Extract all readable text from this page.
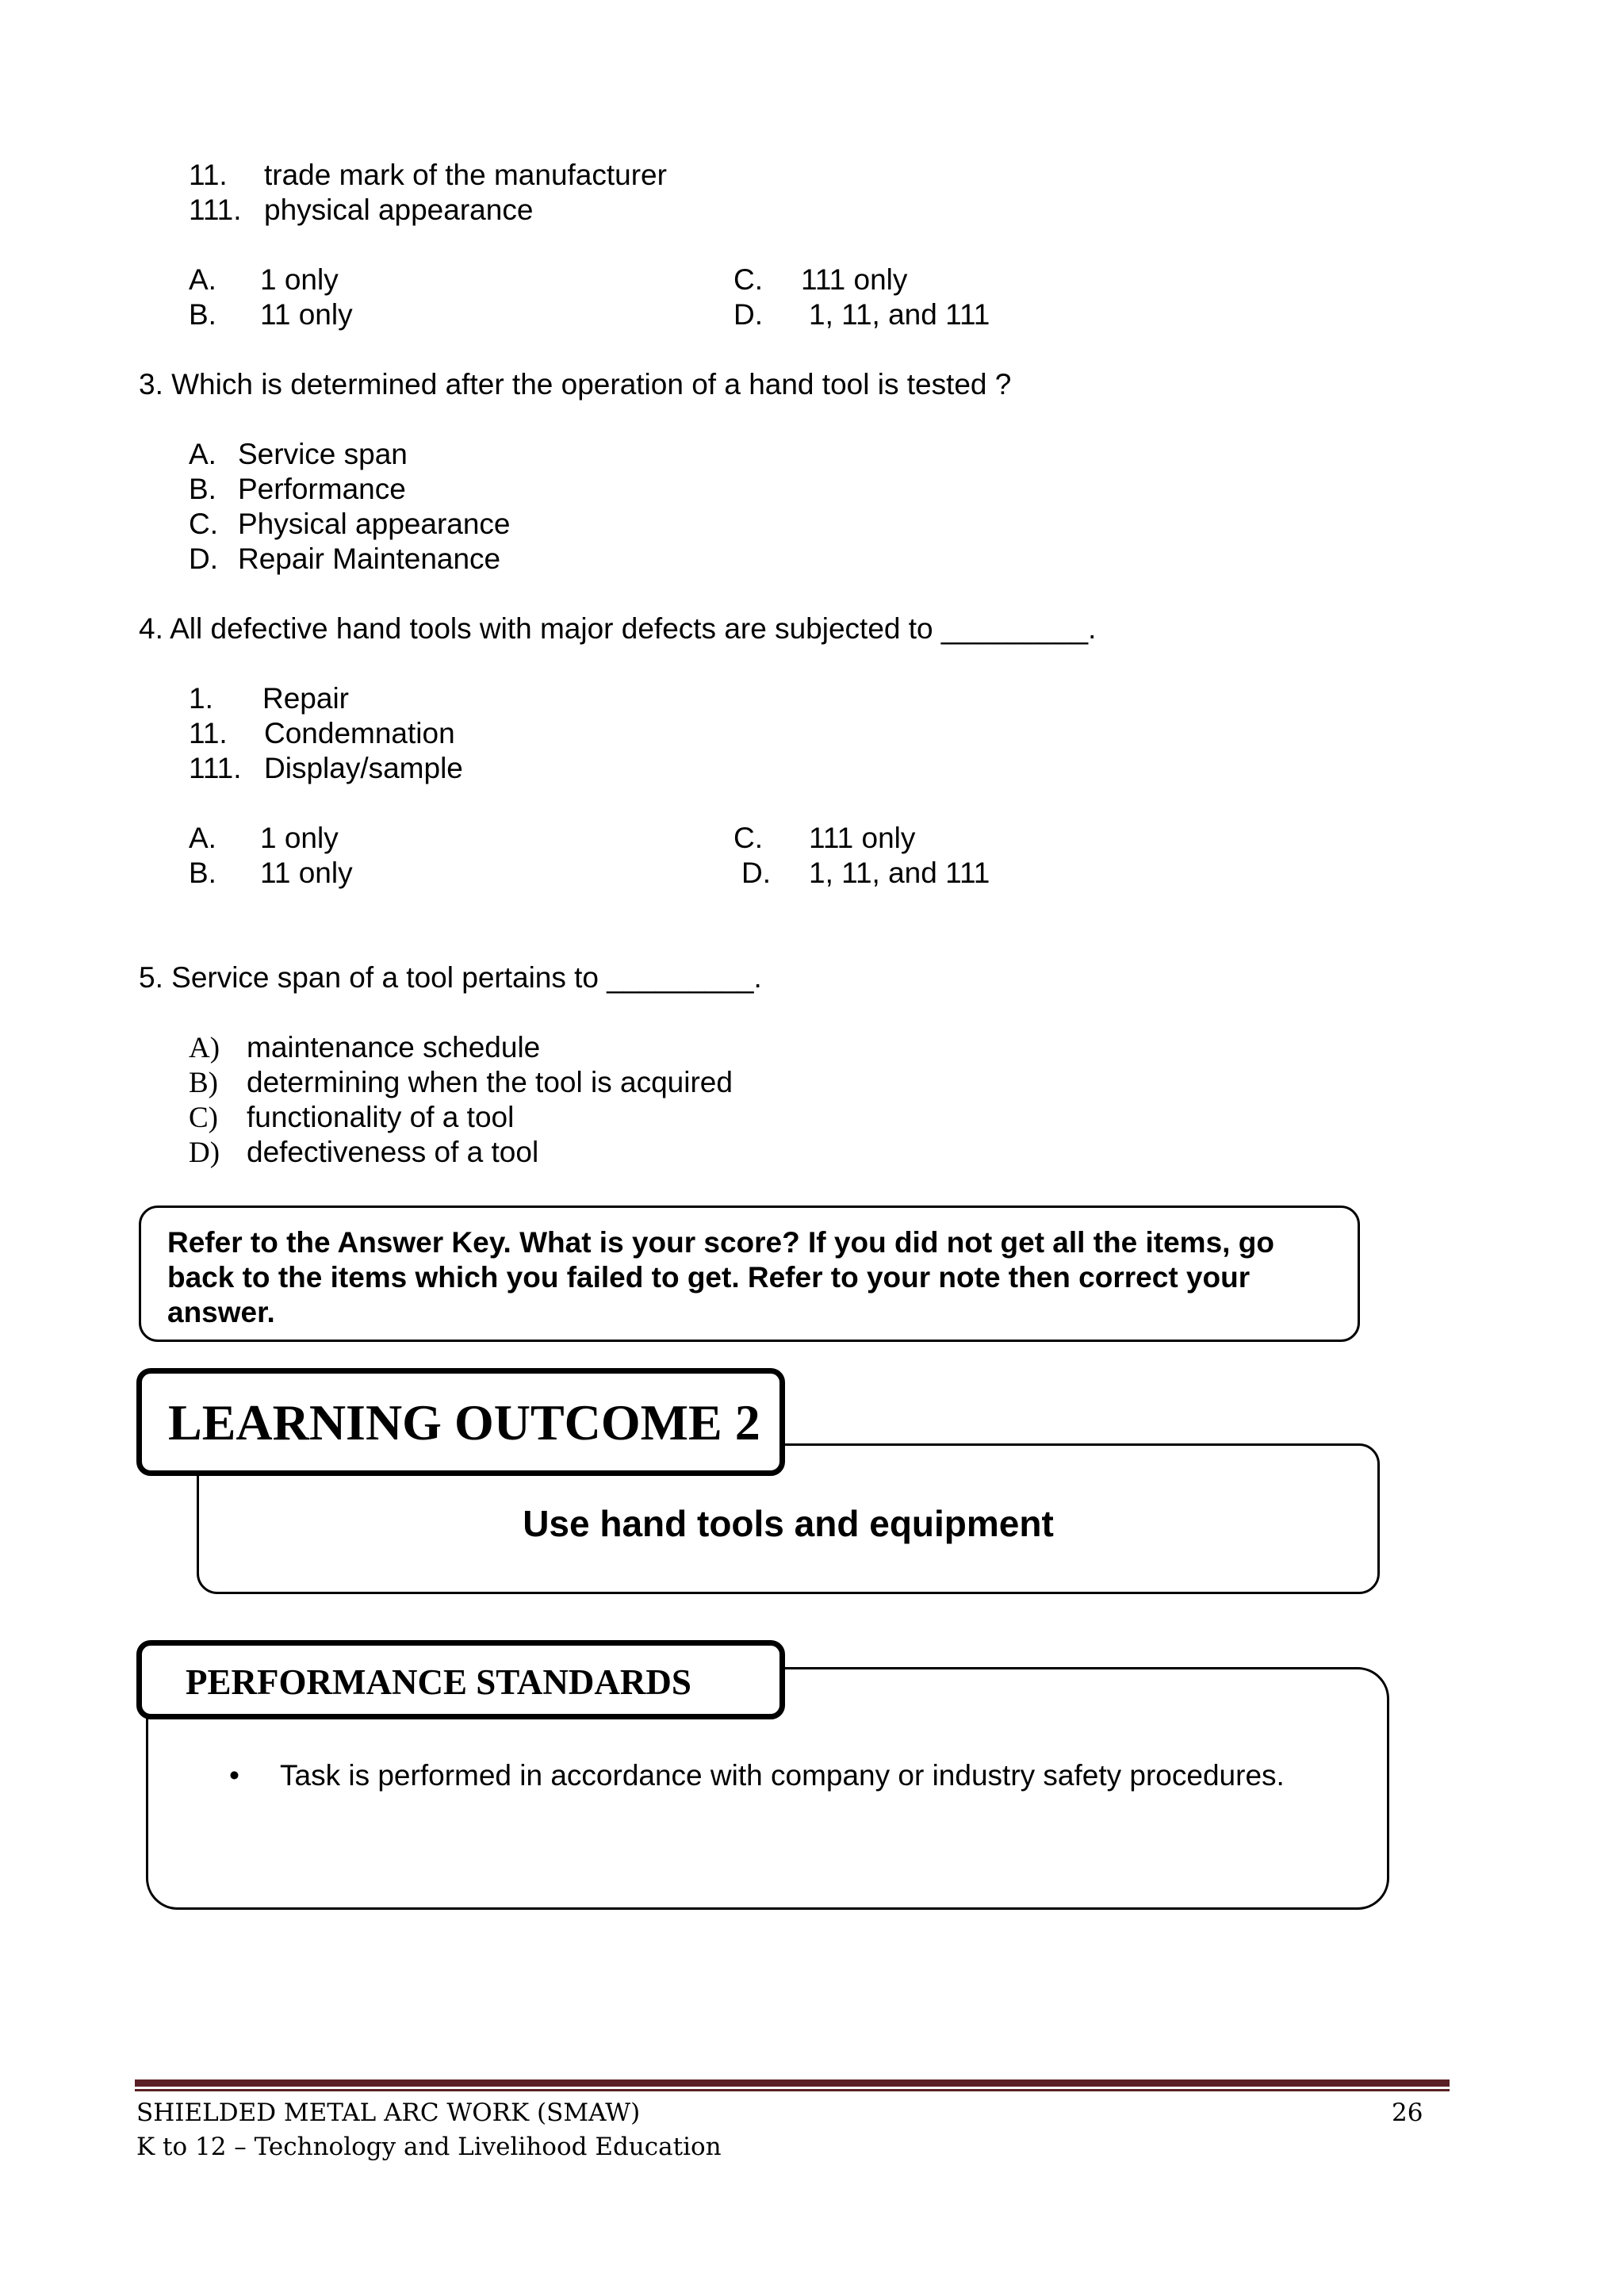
11. trade mark of the manufacturer
111. physical appearance
A. 1 only
B. 11 only
C. 111 only
D. 1, 11, and 111
3. Which is determined after the operation of a hand tool is tested ?
A. Service span
B. Performance
C. Physical appearance
D. Repair Maintenance
4. All defective hand tools with major defects are subjected to _________.
1. Repair
11. Condemnation
111. Display/sample
A. 1 only
B. 11 only
C. 111 only
D. 1, 11, and 111
5. Service span of a tool pertains to _________.
A) maintenance schedule
B) determining when the tool is acquired
C) functionality of a tool
D) defectiveness of a tool
Refer to the Answer Key. What is your score? If you did not get all the items, go back to the items which you failed to get. Refer to your note then correct your answer.
Use hand tools and equipment
LEARNING OUTCOME 2
• Task is performed in accordance with company or industry safety procedures.
PERFORMANCE STANDARDS
SHIELDED METAL ARC WORK (SMAW)
K to 12 – Technology and Livelihood Education
26
